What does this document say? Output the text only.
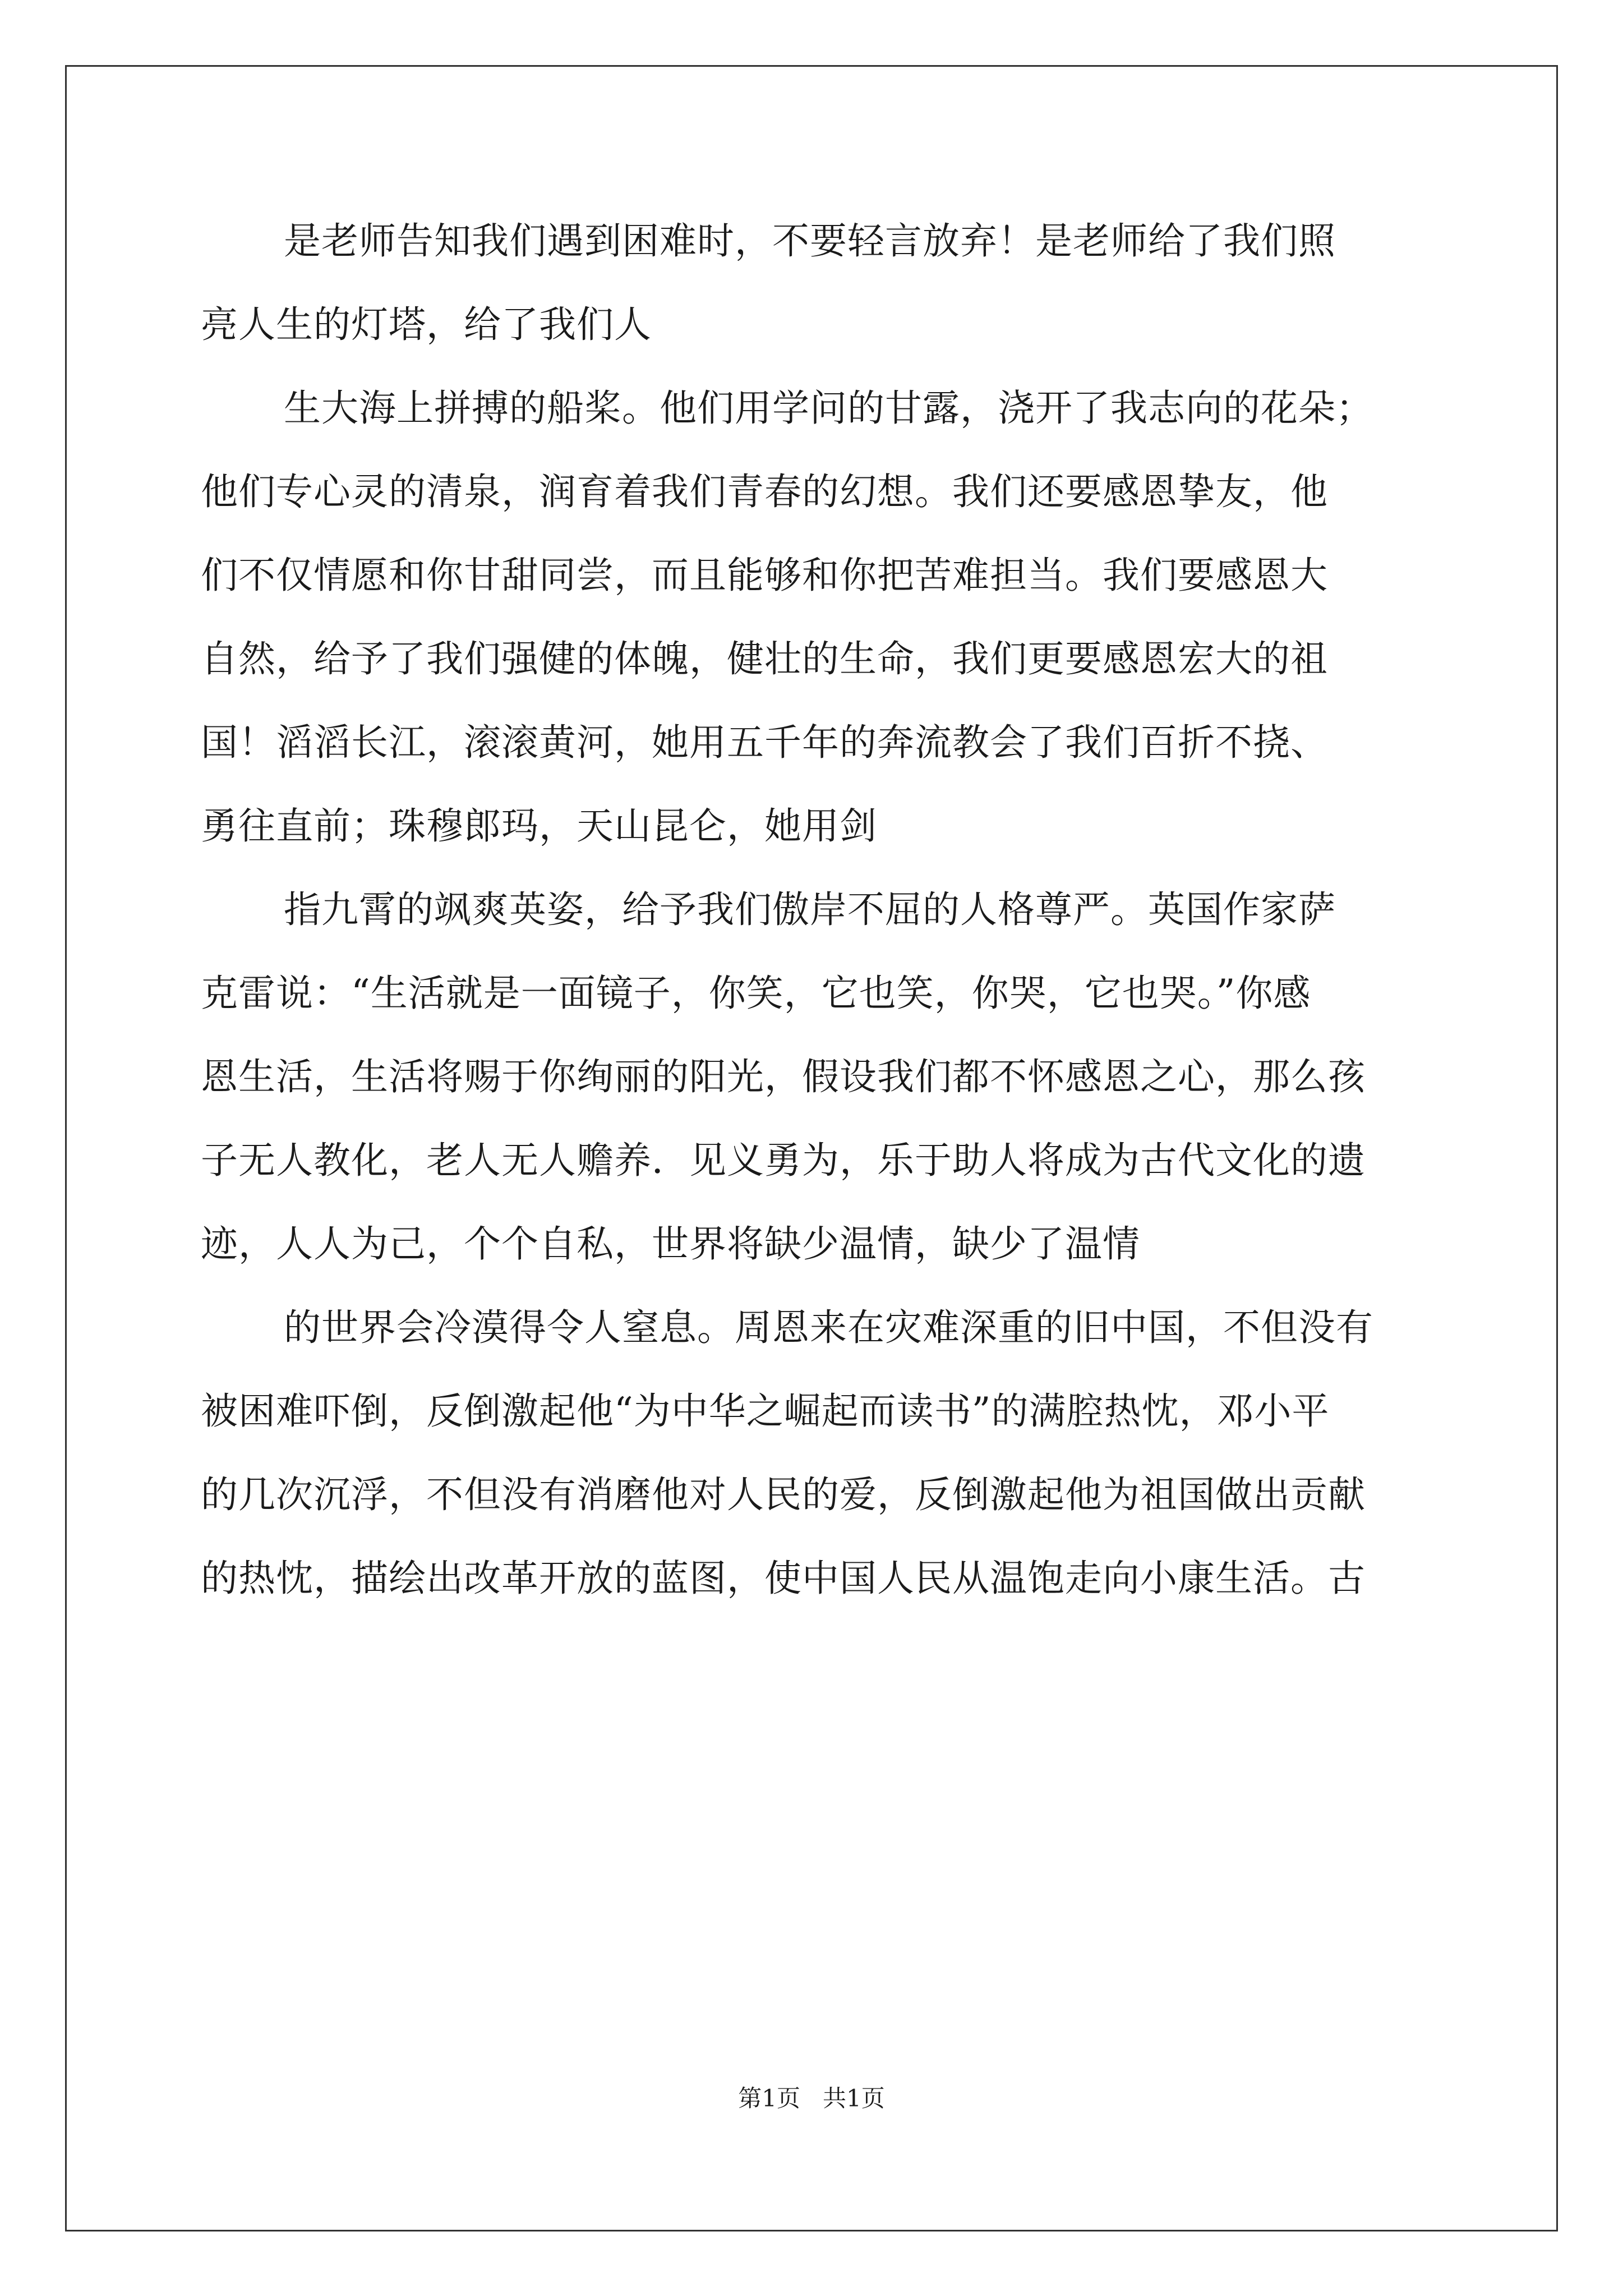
是老师告知我们遇到困难时，不要轻言放弃！是老师给了我们照
亮人生的灯塔，给了我们人
生大海上拼搏的船桨。他们用学问的甘露，浇开了我志向的花朵；
他们专心灵的清泉，润育着我们青春的幻想。我们还要感恩挚友，他
们不仅情愿和你甘甜同尝，而且能够和你把苦难担当。我们要感恩大
自然，给予了我们强健的体魄，健壮的生命，我们更要感恩宏大的祖
国！滔滔长江，滚滚黄河，她用五千年的奔流教会了我们百折不挠、
勇往直前；珠穆郎玛，天山昆仑，她用剑
指九霄的飒爽英姿，给予我们傲岸不屈的人格尊严。英国作家萨
克雷说：“生活就是一面镜子，你笑，它也笑，你哭，它也哭。”你感
恩生活，生活将赐于你绚丽的阳光，假设我们都不怀感恩之心，那么孩
子无人教化，老人无人赡养．见义勇为，乐于助人将成为古代文化的遗
迹，人人为己，个个自私，世界将缺少温情，缺少了温情
的世界会冷漠得令人窒息。周恩来在灾难深重的旧中国，不但没有
被困难吓倒，反倒激起他“为中华之崛起而读书”的满腔热忱，邓小平
的几次沉浮，不但没有消磨他对人民的爱，反倒激起他为祖国做出贡献
的热忱，描绘出改革开放的蓝图，使中国人民从温饱走向小康生活。古
第1页   共1页
